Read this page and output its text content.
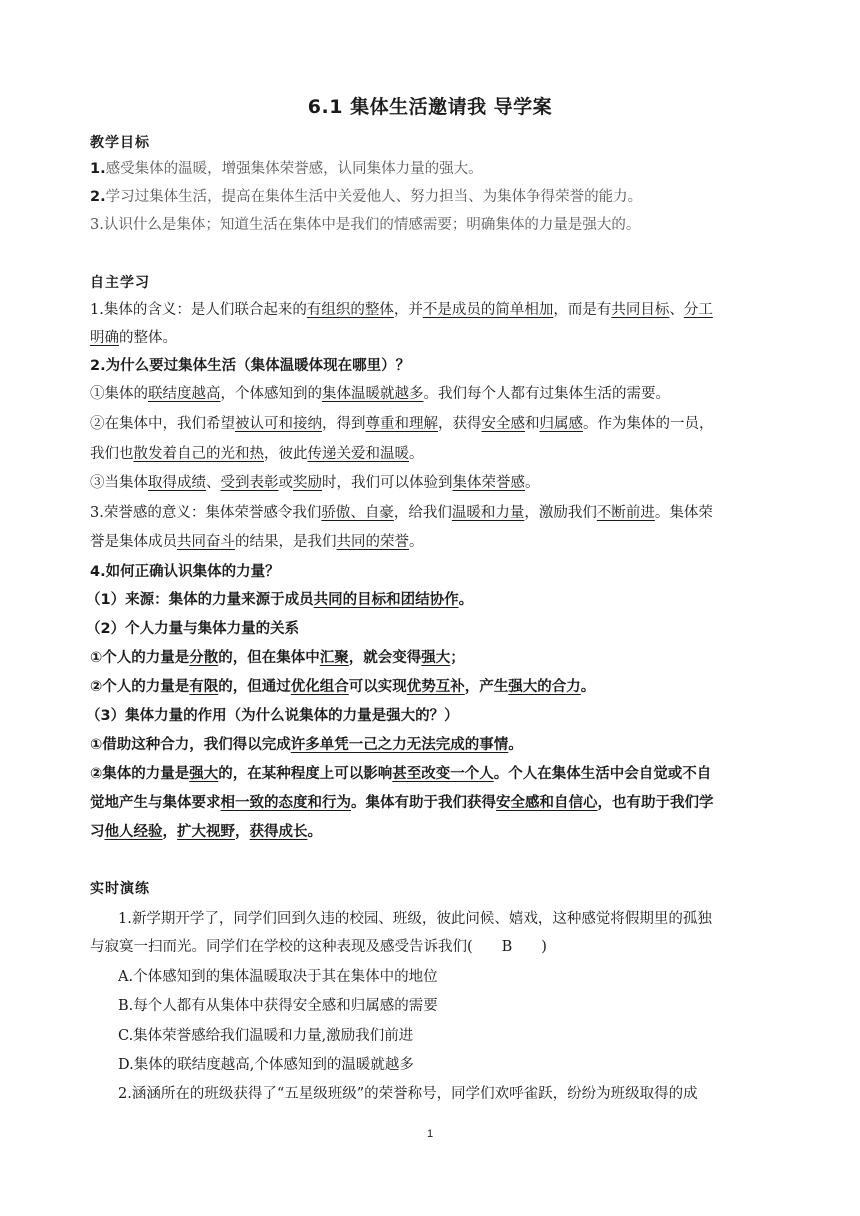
6.1 集体生活邀请我 导学案
教学目标
1.感受集体的温暖，增强集体荣誉感，认同集体力量的强大。
2.学习过集体生活，提高在集体生活中关爱他人、努力担当、为集体争得荣誉的能力。
3.认识什么是集体；知道生活在集体中是我们的情感需要；明确集体的力量是强大的。
自主学习
1.集体的含义：是人们联合起来的有组织的整体，并不是成员的简单相加，而是有共同目标、分工
明确的整体。
2.为什么要过集体生活（集体温暖体现在哪里）？
①集体的联结度越高，个体感知到的集体温暖就越多。我们每个人都有过集体生活的需要。
②在集体中，我们希望被认可和接纳，得到尊重和理解，获得安全感和归属感。作为集体的一员，
我们也散发着自己的光和热，彼此传递关爱和温暖。
③当集体取得成绩、受到表彰或奖励时，我们可以体验到集体荣誉感。
3.荣誉感的意义：集体荣誉感令我们骄傲、自豪，给我们温暖和力量，激励我们不断前进。集体荣
誉是集体成员共同奋斗的结果，是我们共同的荣誉。
4.如何正确认识集体的力量？
（1）来源：集体的力量来源于成员共同的目标和团结协作。
（2）个人力量与集体力量的关系
①个人的力量是分散的，但在集体中汇聚，就会变得强大；
②个人的力量是有限的，但通过优化组合可以实现优势互补，产生强大的合力。
（3）集体力量的作用（为什么说集体的力量是强大的？）
①借助这种合力，我们得以完成许多单凭一己之力无法完成的事情。
②集体的力量是强大的，在某种程度上可以影响甚至改变一个人。个人在集体生活中会自觉或不自
觉地产生与集体要求相一致的态度和行为。集体有助于我们获得安全感和自信心，也有助于我们学
习他人经验，扩大视野，获得成长。
实时演练
1.新学期开学了，同学们回到久违的校园、班级，彼此问候、嬉戏，这种感觉将假期里的孤独
与寂寞一扫而光。同学们在学校的这种表现及感受告诉我们(　　B　　)
A.个体感知到的集体温暖取决于其在集体中的地位
B.每个人都有从集体中获得安全感和归属感的需要
C.集体荣誉感给我们温暖和力量,激励我们前进
D.集体的联结度越高,个体感知到的温暖就越多
2.涵涵所在的班级获得了“五星级班级”的荣誉称号，同学们欢呼雀跃，纷纷为班级取得的成
1
